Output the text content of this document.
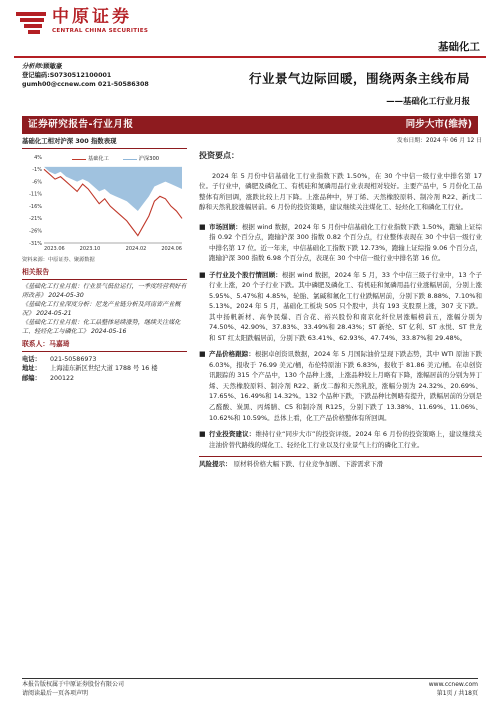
中原证券
CENTRAL CHINA SECURITIES
基础化工
分析师: 顾敏豪
登记编码: S0730512100001
gumh00@ccnew.com 021-50586308	行业景气边际回暖，围绕两条主线布局
——基础化工行业月报
证券研究报告-行业月报	同步大市(维持)
基础化工相对沪深 300 指数表现
4%
-1%
-6%
-11%
-16%
-21%
-26%
-31%
2023.06	2023.10	2024.02	2024.06
基础化工	沪深300
资料来源：中原证券、聚源数据
相关报告

《基础化工行业月报：行业景气低位运行，一季度经营利好有所改善》 2024-05-30

《基础化工行业深度分析：尼龙产业链分析及河南省产业概况》 2024-05-21

《基础化工行业月报：化工品整体延续涨势，继续关注煤化工、轻烃化工与磷化工》 2024-05-16

联系人：马嘉琦
电话：	021-50586973
地址：	上海浦东新区世纪大道 1788 号 16 楼
邮编：	200122
发布日期：2024 年 06 月 12 日
投资要点：
2024 年 5 月份中信基础化工行业指数下跌 1.50%，在 30 个中信一级行业中排名第 17 位。子行业中，磷肥及磷化工、有机硅和氮磷用品行业表现相对较好。主要产品中，5 月份化工品整体有所回调，涨跌比较上月下降。上涨品种中，异丁烯、天然橡胶原料、制冷剂 R22、新戊二醇和天然乳胶涨幅居前。6 月份的投资策略，建议继续关注煤化工、轻烃化工和磷化工行业。
■ 市场回顾：根据 wind 数据，2024 年 5 月份中信基础化工行业指数下跌 1.50%，跑输上证综指 0.92 个百分点，跑输沪深 300 指数 0.82 个百分点，行业整体表现在 30 个中信一级行业中排名第 17 位。近一年来，中信基础化工指数下跌 12.73%，跑输上证综指 9.06 个百分点，跑输沪深 300 指数 6.98 个百分点，表现在 30 个中信一级行业中排名第 16 位。
■ 子行业及个股行情回顾：根据 wind 数据，2024 年 5 月，33 个中信三级子行业中，13 个子行业上涨，20 个子行业下跌。其中磷肥及磷化工、有机硅和氮磷用品行业涨幅居前，分别上涨 5.95%、5.47%和 4.85%，轮胎、氯碱和氟化工行业跌幅居前，分别下跌 8.88%、7.10%和 5.13%。2024 年 5 月，基础化工板块 505 只个股中，共有 193 支股票上涨，307 支下跌。其中扬帆新材、高争民爆、百合花、裕兴股份和南京化纤位居涨幅榜前五，涨幅分别为 74.50%、42.90%、37.83%、33.49%和 28.43%；ST 新纶、ST 亿利、ST 永悦、ST 世龙和 ST 红太阳跌幅居前，分别下跌 63.41%、62.93%、47.74%、33.87%和 29.48%。
■ 产品价格跟踪：根据卓创资讯数据，2024 年 5 月国际油价呈现下跌态势，其中 WTI 原油下跌 6.03%，报收于 76.99 美元/桶，布伦特原油下跌 6.83%，报收于 81.86 美元/桶。在卓创资讯跟踪的 315 个产品中，130 个品种上涨，上涨品种较上月略有下降，涨幅居前的分别为异丁烯、天然橡胶原料、制冷剂 R22、新戊二醇和天然乳胶，涨幅分别为 24.32%、20.69%、17.65%、16.49%和 14.32%。132 个品种下跌，下跌品种比例略有提升，跌幅居前的分别是乙醛酸、炭黑、丙烯腈、C5 和制冷剂 R125，分别下跌了 13.38%、11.69%、11.06%、10.62%和 10.59%。总体上看，化工产品价格整体有所回调。
■ 行业投资建议：维持行业“同步大市”的投资评级。2024 年 6 月份的投资策略上，建议继续关注油价替代路线的煤化工、轻烃化工行业以及行业景气上行的磷化工行业。
风险提示： 原材料价格大幅下跌、行业竞争加剧、下游需求下滑
本报告版权属于中原证券股份有限公司	www.ccnew.com
请阅读最后一页各项声明	第1页 / 共18页
